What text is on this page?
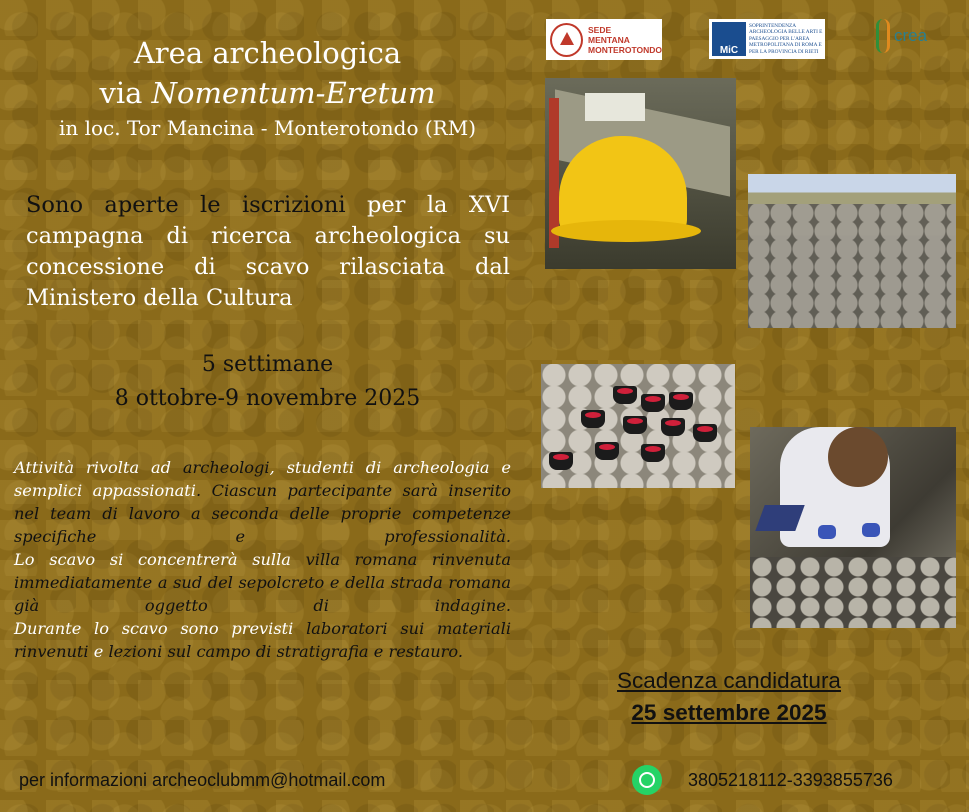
Area archeologica
via Nomentum-Eretum
in loc. Tor Mancina - Monterotondo (RM)
Sono aperte le iscrizioni per la XVI campagna di ricerca archeologica su concessione di scavo rilasciata dal Ministero della Cultura
5 settimane
8 ottobre-9 novembre 2025
Attività rivolta ad archeologi, studenti di archeologia e semplici appassionati. Ciascun partecipante sarà inserito nel team di lavoro a seconda delle proprie competenze specifiche e professionalità.
Lo scavo si concentrerà sulla villa romana rinvenuta immediatamente a sud del sepolcreto e della strada romana già oggetto di indagine.
Durante lo scavo sono previsti laboratori sui materiali rinvenuti e lezioni sul campo di stratigrafia e restauro.
SEDE
MENTANA
MONTEROTONDO	MiC
SOPRINTENDENZA ARCHEOLOGIA BELLE ARTI E PAESAGGIO PER L'AREA METROPOLITANA DI ROMA E PER LA PROVINCIA DI RIETI
crea
Scadenza candidatura
25 settembre 2025
per informazioni archeoclubmm@hotmail.com	3805218112-3393855736
